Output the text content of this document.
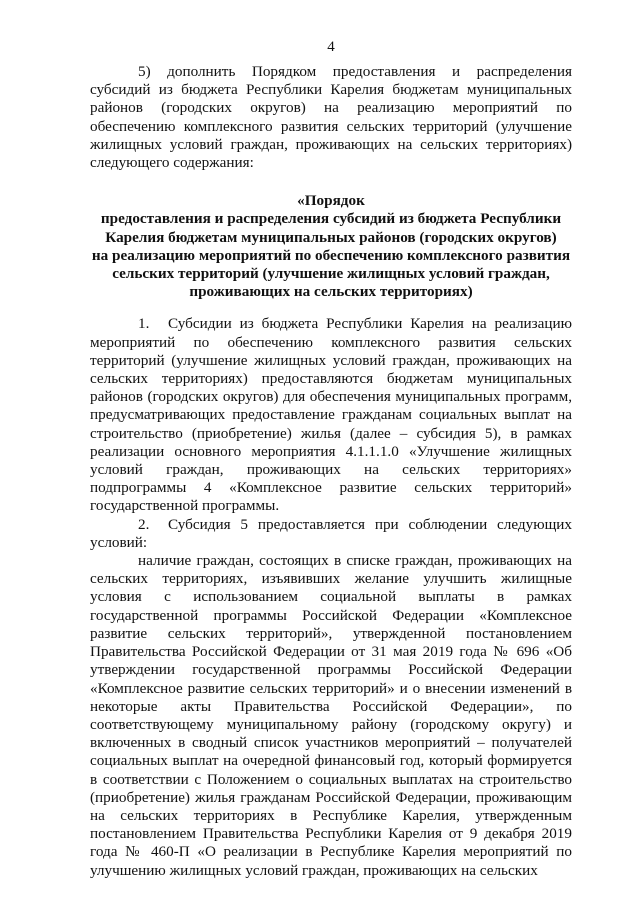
4

5) дополнить Порядком предоставления и распределения субсидий из бюджета Республики Карелия бюджетам муниципальных районов (городских округов) на реализацию мероприятий по обеспечению комплексного развития сельских территорий (улучшение жилищных условий граждан, проживающих на сельских территориях) следующего содержания:

«Порядок
предоставления и распределения субсидий из бюджета Республики
Карелия бюджетам муниципальных районов (городских округов)
на реализацию мероприятий по обеспечению комплексного развития
сельских территорий (улучшение жилищных условий граждан,
проживающих на сельских территориях)

1. Субсидии из бюджета Республики Карелия на реализацию мероприятий по обеспечению комплексного развития сельских территорий (улучшение жилищных условий граждан, проживающих на сельских территориях) предоставляются бюджетам муниципальных районов (городских округов) для обеспечения муниципальных программ, предусматривающих предоставление гражданам социальных выплат на строительство (приобретение) жилья (далее – субсидия 5), в рамках реализации основного мероприятия 4.1.1.1.0 «Улучшение жилищных условий граждан, проживающих на сельских территориях» подпрограммы 4 «Комплексное развитие сельских территорий» государственной программы.

2. Субсидия 5 предоставляется при соблюдении следующих условий:

наличие граждан, состоящих в списке граждан, проживающих на сельских территориях, изъявивших желание улучшить жилищные условия с использованием социальной выплаты в рамках государственной программы Российской Федерации «Комплексное развитие сельских территорий», утвержденной постановлением Правительства Российской Федерации от 31 мая 2019 года № 696 «Об утверждении государственной программы Российской Федерации «Комплексное развитие сельских территорий» и о внесении изменений в некоторые акты Правительства Российской Федерации», по соответствующему муниципальному району (городскому округу) и включенных в сводный список участников мероприятий – получателей социальных выплат на очередной финансовый год, который формируется в соответствии с Положением о социальных выплатах на строительство (приобретение) жилья гражданам Российской Федерации, проживающим на сельских территориях в Республике Карелия, утвержденным постановлением Правительства Республики Карелия от 9 декабря 2019 года № 460-П «О реализации в Республике Карелия мероприятий по улучшению жилищных условий граждан, проживающих на сельских
